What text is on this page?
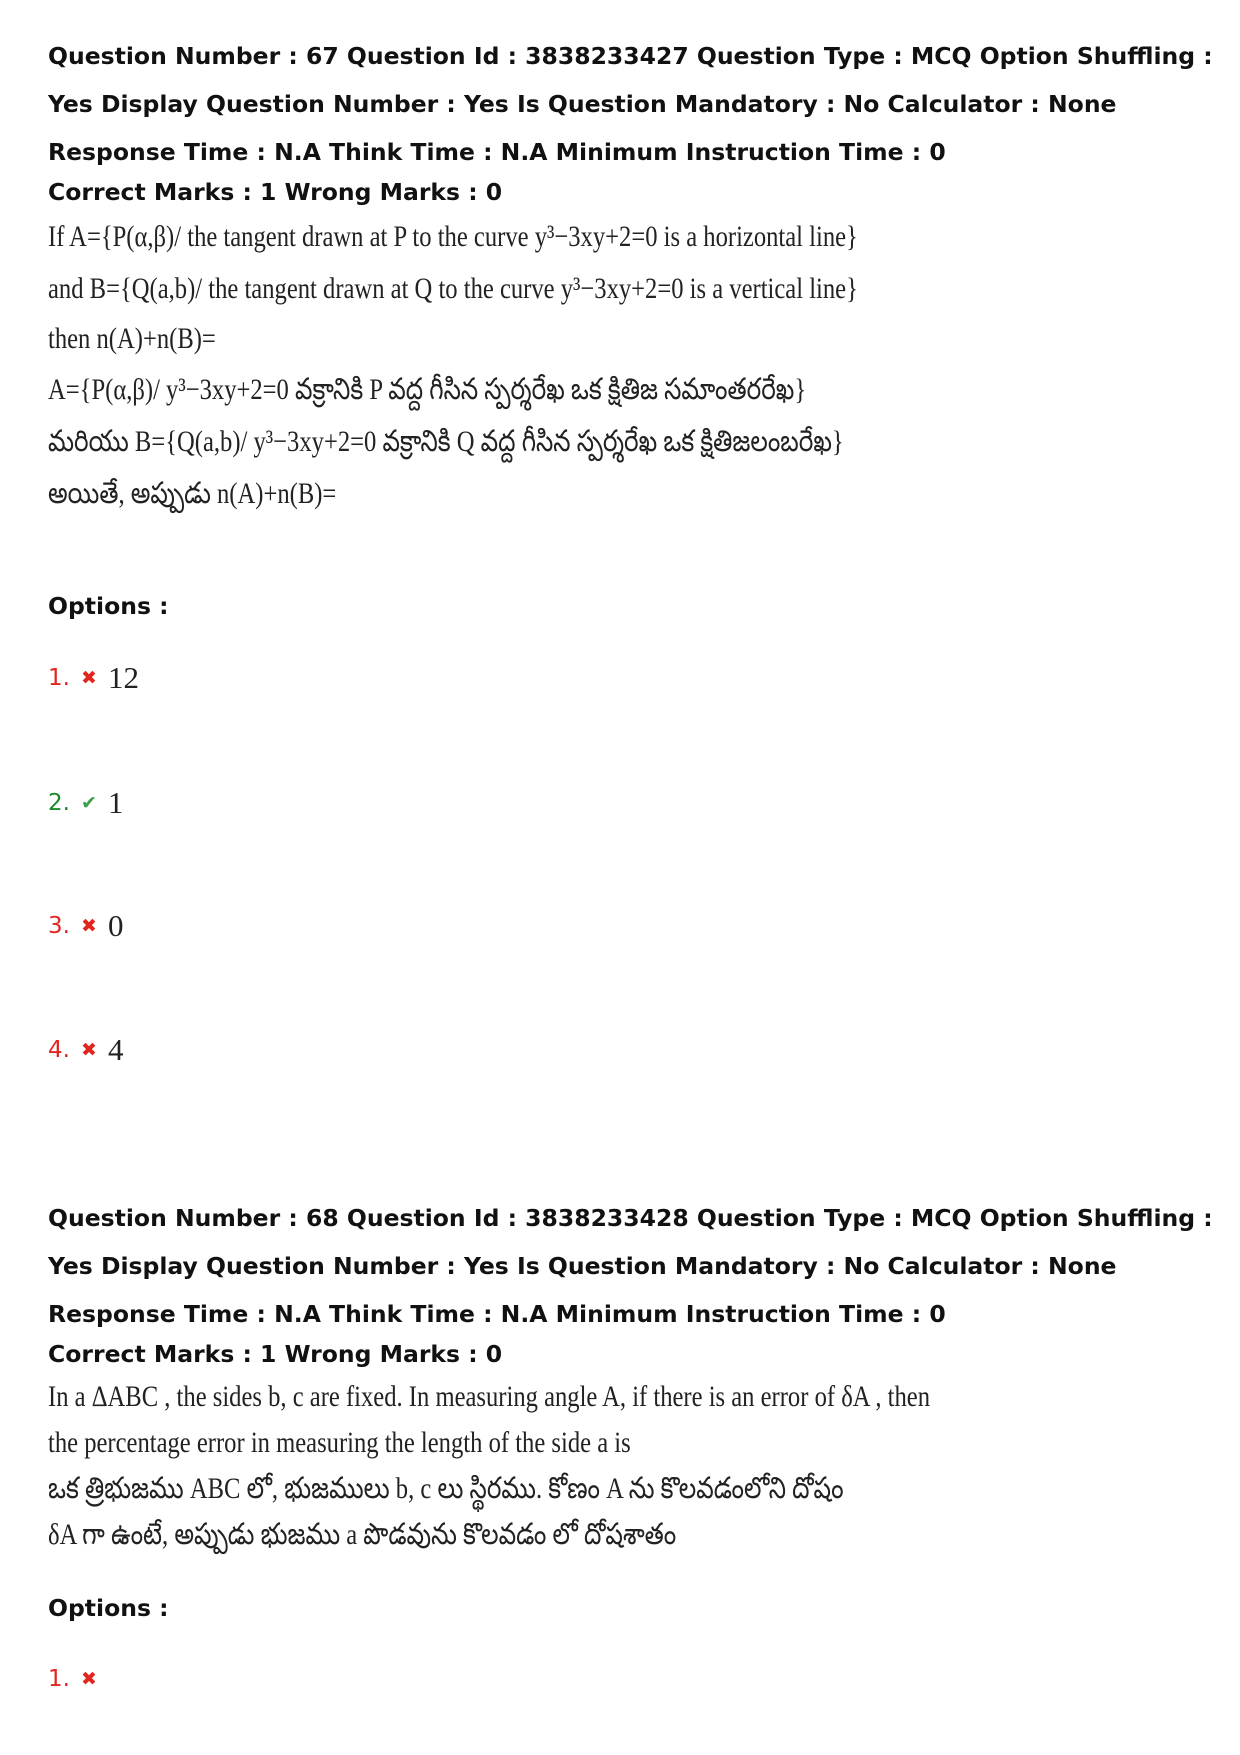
Question Number : 67 Question Id : 3838233427 Question Type : MCQ Option Shuffling : Yes Display Question Number : Yes Is Question Mandatory : No Calculator : None Response Time : N.A Think Time : N.A Minimum Instruction Time : 0
Correct Marks : 1 Wrong Marks : 0
If A={P(α,β)/ the tangent drawn at P to the curve y³−3xy+2=0 is a horizontal line}
and B={Q(a,b)/ the tangent drawn at Q to the curve y³−3xy+2=0 is a vertical line}
then n(A)+n(B)=
A={P(α,β)/ y³−3xy+2=0 వక్రానికి P వద్ద గీసిన స్పర్శరేఖ ఒక క్షితిజ సమాంతరరేఖ}
మరియు B={Q(a,b)/ y³−3xy+2=0 వక్రానికి Q వద్ద గీసిన స్పర్శరేఖ ఒక క్షితిజలంబరేఖ}
అయితే, అప్పుడు n(A)+n(B)=
Options :
1. ✖ 12
2. ✔ 1
3. ✖ 0
4. ✖ 4
Question Number : 68 Question Id : 3838233428 Question Type : MCQ Option Shuffling : Yes Display Question Number : Yes Is Question Mandatory : No Calculator : None Response Time : N.A Think Time : N.A Minimum Instruction Time : 0
Correct Marks : 1 Wrong Marks : 0
In a ΔABC , the sides b, c are fixed. In measuring angle A, if there is an error of δA , then
the percentage error in measuring the length of the side a is
ఒక త్రిభుజము ABC లో, భుజములు b, c లు స్థిరము. కోణం A ను కొలవడంలోని దోషం
δA గా ఉంటే, అప్పుడు భుజము a పొడవును కొలవడం లో దోషశాతం
Options :
1. ✖
